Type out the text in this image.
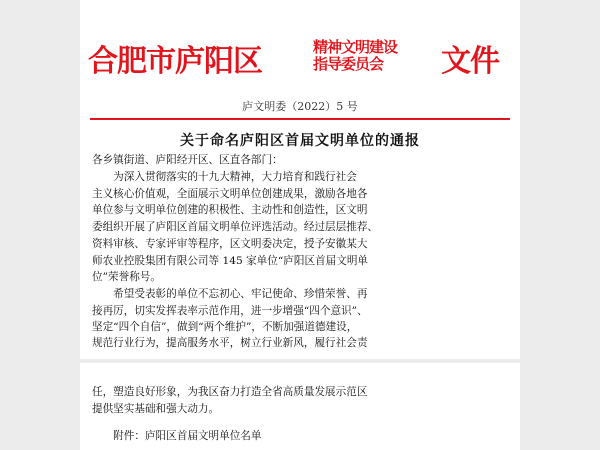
合肥市庐阳区	精神文明建设
指导委员会 文件
庐文明委（2022）5 号
关于命名庐阳区首届文明单位的通报
各乡镇街道、庐阳经开区、区直各部门：
　　为深入贯彻落实的十九大精神，大力培育和践行社会
主义核心价值观，全面展示文明单位创建成果，激励各地各
单位参与文明单位创建的积极性、主动性和创造性，区文明
委组织开展了庐阳区首届文明单位评选活动。经过层层推荐、
资料审核、专家评审等程序，区文明委决定，授予安徽某大
师农业控股集团有限公司等 145 家单位“庐阳区首届文明单
位”荣誉称号。
　　希望受表彰的单位不忘初心、牢记使命、珍惜荣誉、再
接再厉，切实发挥表率示范作用，进一步增强“四个意识”、
坚定“四个自信”，做到“两个维护”，不断加强道德建设，
规范行业行为，提高服务水平，树立行业新风，履行社会责
任，塑造良好形象，为我区奋力打造全省高质量发展示范区
提供坚实基础和强大动力。
　　附件：庐阳区首届文明单位名单
